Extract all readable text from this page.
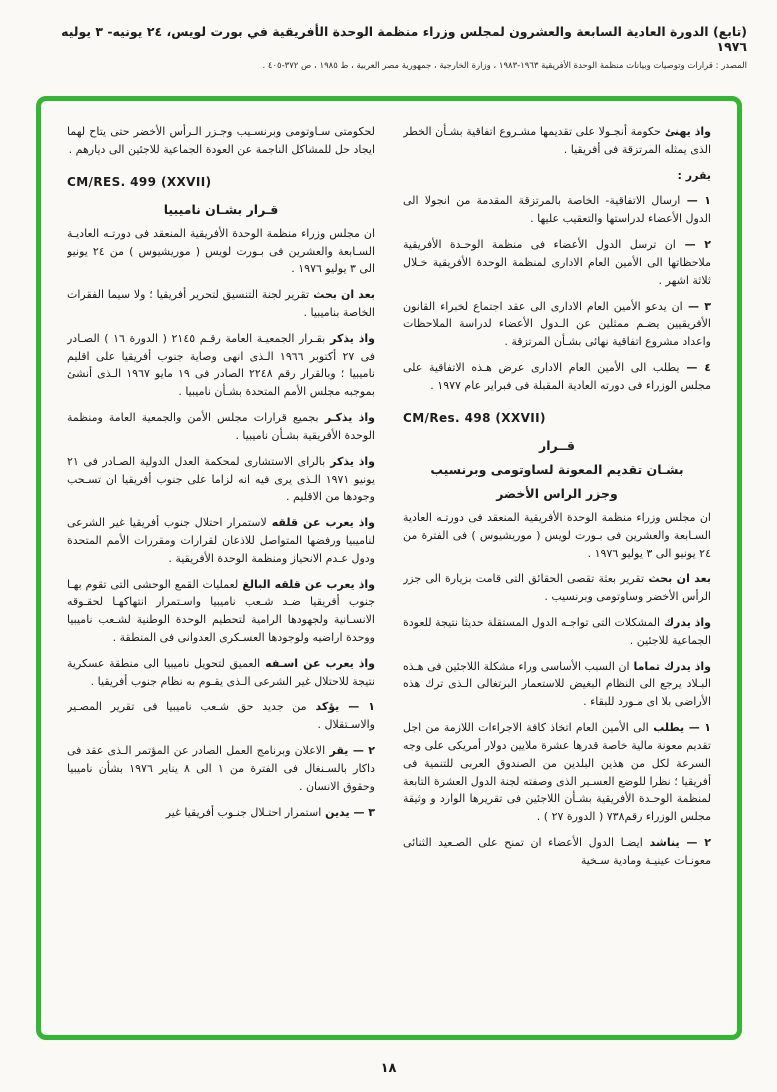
(تابع) الدورة العادية السابعة والعشرون لمجلس وزراء منظمة الوحدة الأفريقية في بورت لويس، ٢٤ يونيه- ٣ يوليه ١٩٧٦
المصدر : قرارات وتوصيات وبيانات منظمة الوحدة الأفريقية ١٩٦٣-١٩٨٣ ، وزارة الخارجية ، جمهورية مصر العربية ، ط ١٩٨٥ ، ص ٣٧٢-٤٠٥ .

واذ يهنئ حكومة أنجـولا على تقديمها مشـروع اتفاقية بشـأن الخطر الذى يمثله المرتزقة فى أفريقيا .

يقرر :

١ — ارسال الاتفاقية- الخاصة بالمرتزقة المقدمة من انجولا الى الدول الأعضاء لدراستها والتعقيب عليها .

٢ — ان ترسل الدول الأعضاء فى منظمة الوحـدة الأفريقية ملاحظاتها الى الأمين العام الادارى لمنظمة الوحدة الأفريقية خـلال ثلاثة اشهر .

٣ — ان يدعو الأمين العام الادارى الى عقد اجتماع لخبراء القانون الأفريقيين يضـم ممثلين عن الـدول الأعضاء لدراسة الملاحظات واعداد مشروع اتفاقية نهائى بشـأن المرتزقة .

٤ — يطلب الى الأمين العام الادارى عرض هـذه الاتفاقية على مجلس الوزراء فى دورته العادية المقبلة فى فبراير عام ١٩٧٧ .

CM/Res. 498 (XXVII)
قــرار
بشـان تقديم المعونة لساوتومى وبرنسيب
وجزر الراس الأخضر

ان مجلس وزراء منظمة الوحدة الأفريقية المنعقد فى دورتـه العادية السـابعة والعشرين فى بـورت لويس ( موريشيوس ) فى الفترة من ٢٤ يونيو الى ٣ يوليو ١٩٧٦ .

بعد ان بحث تقرير بعثة تقصى الحقائق التى قامت بزيارة الى جزر الرأس الأخضر وساوتومى وبرنسيب .

واذ يدرك المشكلات التى تواجـه الدول المستقلة حديثا نتيجة للعودة الجماعية للاجئين .

واذ يدرك تماما ان السبب الأساسى وراء مشكلة اللاجئين فى هـذه البـلاد يرجع الى النظام البغيض للاستعمار البرتغالى الـذى ترك هذه الأراضى بلا اى مـورد للبقاء .

١ — يطلب الى الأمين العام اتخاذ كافة الاجراءات اللازمة من اجل تقديم معونة مالية خاصة قدرها عشرة ملايين دولار أمريكى على وجه السرعة لكل من هذين البلدين من الصندوق العربى للتنمية فى أفريقيا ؛ نظرا للوضع العسـير الذى وصفته لجنة الدول العشرة التابعة لمنظمة الوحـدة الأفريقية بشـأن اللاجئين فى تقريرها الوارد و وثيقة مجلس الوزراء رقم٧٣٨ ( الدورة ٢٧ ) .

٢ — يناشد ايضـا الدول الأعضاء ان تمنح على الصـعيد الثنائى معونـات عينيـة ومادية سـخية

لحكومتى سـاوتومى وبرنسـيب وجـزر الـرأس الأخضر حتى يتاح لهما ايجاد حل للمشاكل الناجمة عن العودة الجماعية للاجئين الى ديارهم .

CM/RES. 499 (XXVII)
قـرار بشـان ناميبيا

ان مجلس وزراء منظمة الوحدة الأفريقية المنعقد فى دورتـه العاديـة السـابعة والعشرين فى بـورت لويس ( موريشيوس ) من ٢٤ يونيو الى ٣ يوليو ١٩٧٦ .

بعد ان بحث تقرير لجنة التنسيق لتحرير أفريقيا ؛ ولا سيما الفقرات الخاصة بناميبيا .

واذ يذكر بقـرار الجمعيـة العامة رقـم ٢١٤٥ ( الدورة ١٦ ) الصـادر فى ٢٧ أكتوبر ١٩٦٦ الـذى انهى وصاية جنوب أفريقيا على اقليم ناميبيا ؛ وبالقرار رقم ٢٢٤٨ الصادر فى ١٩ مايو ١٩٦٧ الـذى أنشئ بموجبه مجلس الأمم المتحدة بشـأن ناميبيا .

واذ يذكـر بجميع قرارات مجلس الأمن والجمعية العامة ومنظمة الوحدة الأفريقية بشـأن ناميبيا .

واذ يذكر بالراى الاستشارى لمحكمة العدل الدولية الصـادر فى ٢١ يونيو ١٩٧١ الـذى يرى فيه انه لزاما على جنوب أفريقيا ان تسـحب وجودها من الاقليم .

واذ يعرب عن قلقه لاستمرار احتلال جنوب أفريقيا غير الشرعى لناميبيا ورفضها المتواصل للاذعان لقرارات ومقررات الأمم المتحدة ودول عـدم الانحياز ومنظمة الوحدة الأفريقية .

واذ يعرب عن قلقه البالغ لعمليات القمع الوحشى التى تقوم بهـا جنوب أفريقيا ضـد شـعب ناميبيا واسـتمرار انتهاكهـا لحقـوقه الانسـانية ولجهودها الرامية لتحطيم الوحدة الوطنية لشـعب ناميبيا ووحدة اراضيه ولوجودها العسـكرى العدوانى فى المنطقة .

واذ يعرب عن اسـفه العميق لتحويل ناميبيا الى منطقة عسكرية نتيجة للاحتلال غير الشرعى الـذى يقـوم به نظام جنوب أفريقيا .

١ — يؤكد من جديد حق شـعب ناميبيا فى تقرير المصـير والاسـتقلال .

٢ — يقر الاعلان وبرنامج العمل الصادر عن المؤتمر الـذى عقد فى داكار بالسـنغال فى الفترة من ١ الى ٨ يناير ١٩٧٦ بشأن ناميبيا وحقوق الانسان .

٣ — يدين استمرار احتـلال جنـوب أفريقيا غير

١٨
